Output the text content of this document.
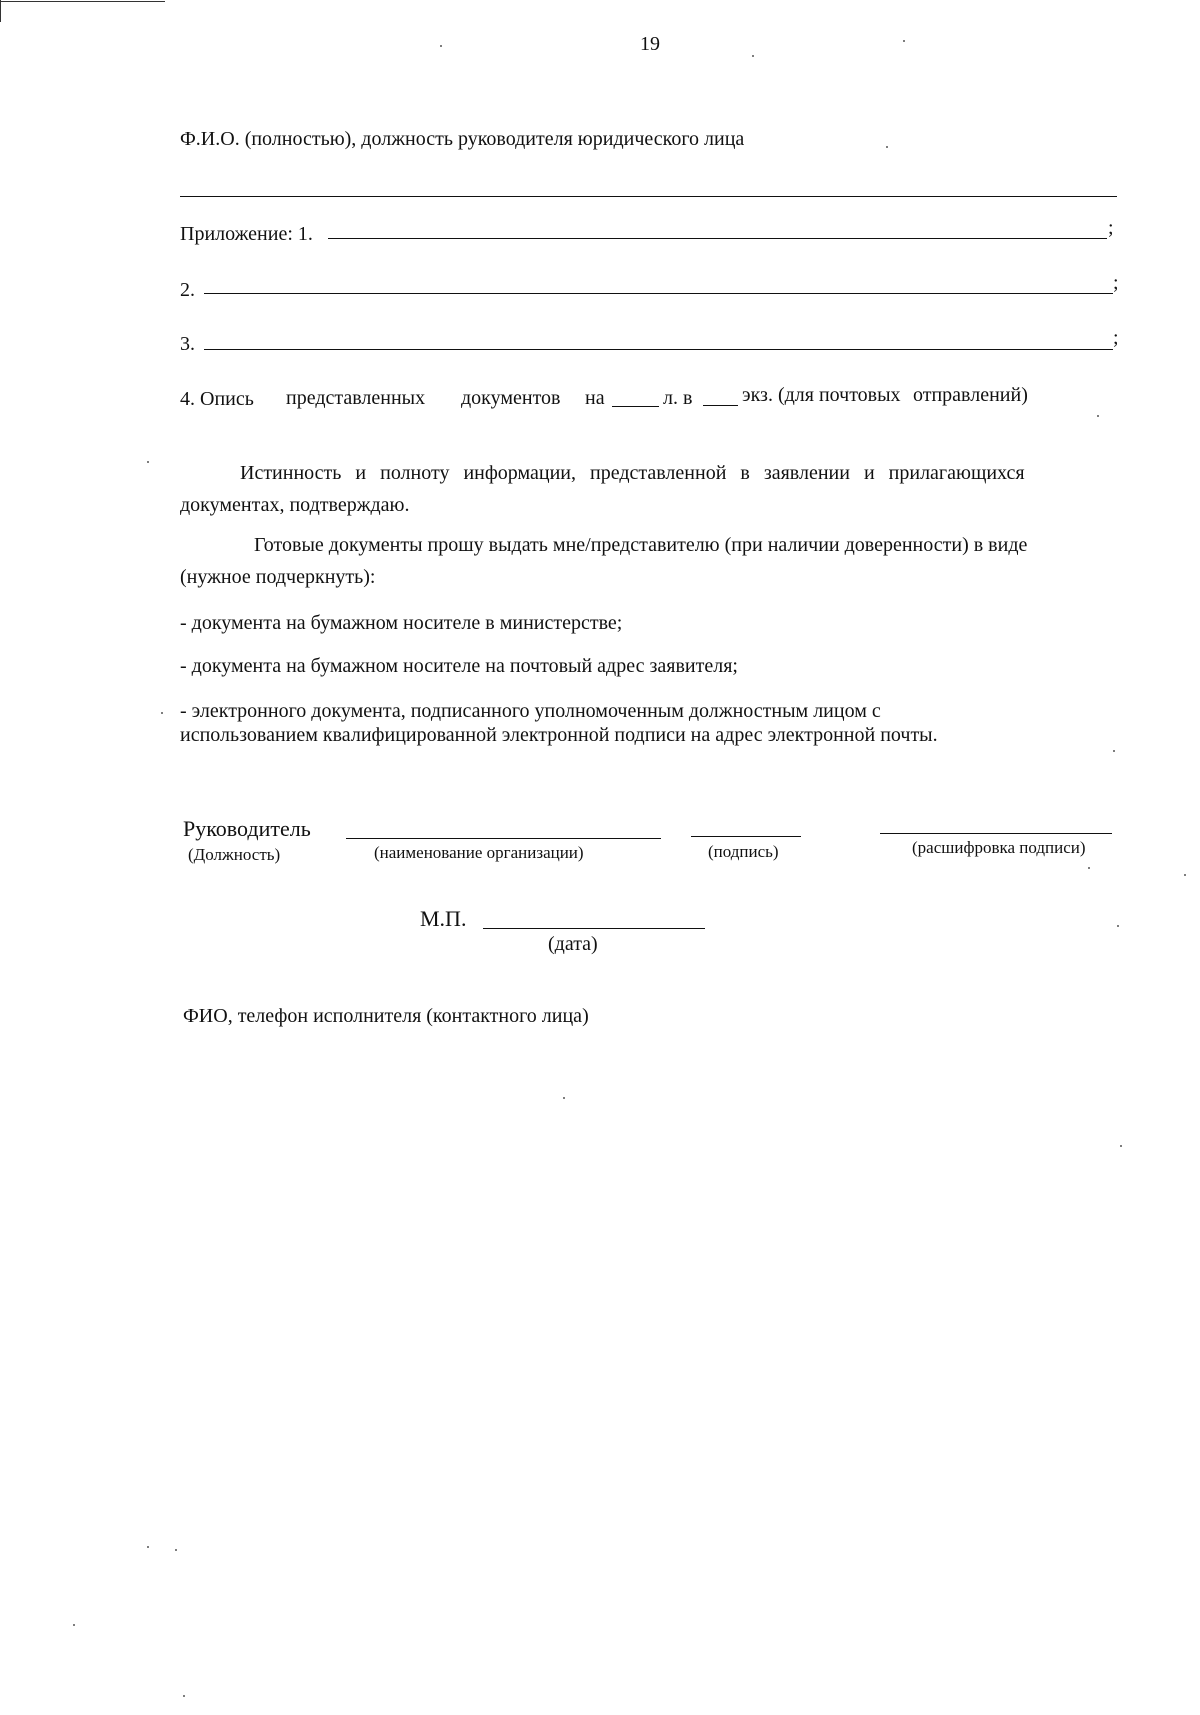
19
Ф.И.О. (полностью), должность руководителя юридического лица
Приложение: 1.	;
2.	;
3.	;
4. Опись представленных документов на	л. в экз. (для почтовых отправлений)
Истинность и полноту информации, представленной в заявлении и прилагающихся
документах, подтверждаю.
Готовые документы прошу выдать мне/представителю (при наличии доверенности) в виде
(нужное подчеркнуть):
- документа на бумажном носителе в министерстве;
- документа на бумажном носителе на почтовый адрес заявителя;
- электронного документа, подписанного уполномоченным должностным лицом с
использованием квалифицированной электронной подписи на адрес электронной почты.
Руководитель
(Должность)	(наименование организации)	(подпись)	(расшифровка подписи)
М.П.
(дата)
ФИО, телефон исполнителя (контактного лица)
